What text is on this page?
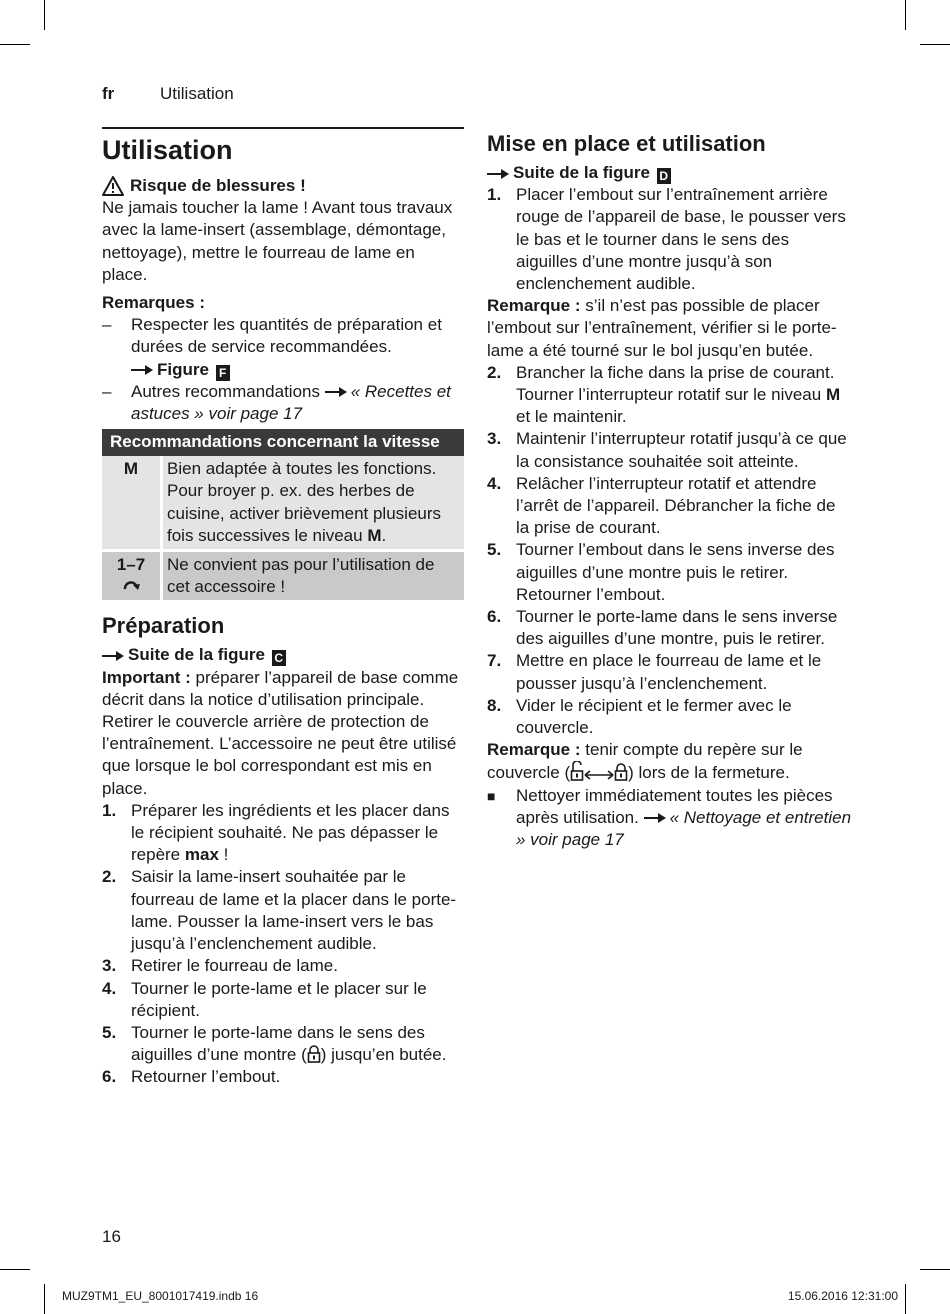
fr	Utilisation
Utilisation
Risque de blessures !

Ne jamais toucher la lame ! Avant tous travaux avec la lame-insert (assemblage, démontage, nettoyage), mettre le fourreau de lame en place.

Remarques :

–	Respecter les quantités de préparation et durées de service recommandées.
Figure F
–	Autres recommandations « Recettes et astuces » voir page 17
Recommandations concernant la vitesse	
M	Bien adaptée à toutes les fonctions. Pour broyer p. ex. des herbes de cuisine, activer brièvement plusieurs fois successives le niveau M.

1–7	Ne convient pas pour l’utilisation de cet accessoire !
Préparation
Suite de la figure C

Important : préparer l’appareil de base comme décrit dans la notice d’utilisation principale. Retirer le couvercle arrière de protection de l’entraînement. L’accessoire ne peut être utilisé que lorsque le bol correspondant est mis en place.

1. Préparer les ingrédients et les placer dans le récipient souhaité. Ne pas dépasser le repère max !
2. Saisir la lame-insert souhaitée par le fourreau de lame et la placer dans le porte-lame. Pousser la lame-insert vers le bas jusqu’à l’enclenchement audible.
3. Retirer le fourreau de lame.
4. Tourner le porte-lame et le placer sur le récipient.
5. Tourner le porte-lame dans le sens des aiguilles d’une montre ( ) jusqu’en butée.
6. Retourner l’embout.
Mise en place et utilisation
Suite de la figure D
1. Placer l’embout sur l’entraînement arrière rouge de l’appareil de base, le pousser vers le bas et le tourner dans le sens des aiguilles d’une montre jusqu’à son enclenchement audible.

Remarque : s’il n’est pas possible de placer l’embout sur l’entraînement, vérifier si le porte-lame a été tourné sur le bol jusqu’en butée.

2. Brancher la fiche dans la prise de courant. Tourner l’interrupteur rotatif sur le niveau M et le maintenir.
3. Maintenir l’interrupteur rotatif jusqu’à ce que la consistance souhaitée soit atteinte.
4. Relâcher l’interrupteur rotatif et attendre l’arrêt de l’appareil. Débrancher la fiche de la prise de courant.
5. Tourner l’embout dans le sens inverse des aiguilles d’une montre puis le retirer. Retourner l’embout.
6. Tourner le porte-lame dans le sens inverse des aiguilles d’une montre, puis le retirer.
7. Mettre en place le fourreau de lame et le pousser jusqu’à l’enclenchement.
8. Vider le récipient et le fermer avec le couvercle.

Remarque : tenir compte du repère sur le couvercle (	) lors de la fermeture.

■	Nettoyer immédiatement toutes les pièces après utilisation. « Nettoyage et entretien » voir page 17
16
MUZ9TM1_EU_8001017419.indb 16	15.06.2016 12:31:00
